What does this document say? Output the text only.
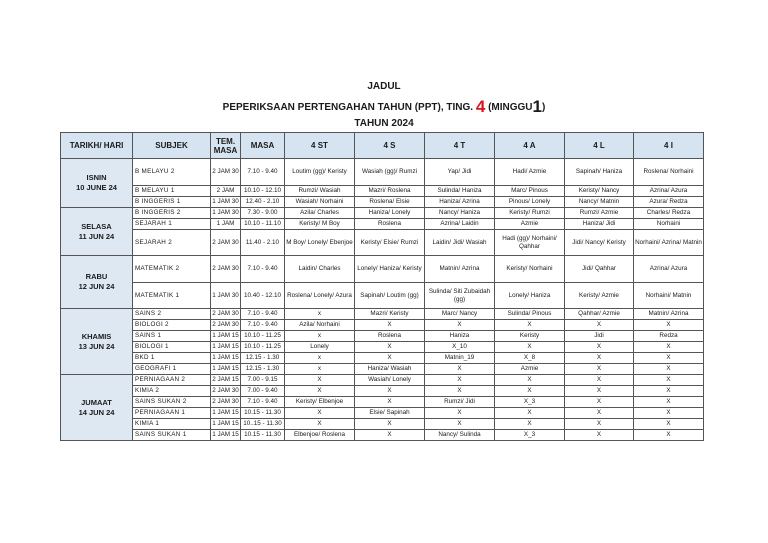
JADUL
PEPERIKSAAN PERTENGAHAN TAHUN (PPT), TING. 4 (MINGGU1)
TAHUN 2024
TARIKH/ HARI	SUBJEK	TEM. MASA	MASA	4 ST	4 S	4 T	4 A	4 L	4 I

ISNIN
10 JUNE 24	B MELAYU 2	2 JAM 30	7.10 - 9.40	Loutim (gg)/ Keristy	Wasiah (gg)/ Rumzi	Yap/ Jidi	Hadi/ Azmie	Sapinah/ Haniza	Roslena/ Norhaini
	B MELAYU 1	2 JAM	10.10 - 12.10	Rumzi/ Wasiah	Mazri/ Roslena	Sulinda/ Haniza	Marc/ Pinous	Keristy/ Nancy	Azrina/ Azura
	B INGGERIS 1	1 JAM 30	12.40 - 2.10	Wasiah/ Norhaini	Roslena/ Elsie	Haniza/ Azrina	Pinous/ Lonely	Nancy/ Matnin	Azura/ Redza

SELASA
11 JUN 24	B INGGERIS 2	1 JAM 30	7.30 - 9.00	Azila/ Charles	Haniza/ Lonely	Nancy/ Haniza	Keristy/ Rumzi	Rumzi/ Azmie	Charles/ Redza
	SEJARAH 1	1 JAM	10.10 - 11.10	Keristy/ M Boy	Roslena	Azrina/ Laidin	Azmie	Haniza/ Jidi	Norhaini
	SEJARAH 2	2 JAM 30	11.40 - 2.10	M Boy/ Lonely/ Ebenjoe	Keristy/ Elsie/ Rumzi	Laidin/ Jidi/ Wasiah	Hadi (gg)/ Norhaini/ Qahhar	Jidi/ Nancy/ Keristy	Norhaini/ Azrina/ Matnin

RABU
12 JUN 24	MATEMATIK 2	2 JAM 30	7.10 - 9.40	Laidin/ Charles	Lonely/ Haniza/ Keristy	Matnin/ Azrina	Keristy/ Norhaini	Jidi/ Qahhar	Azrina/ Azura
	MATEMATIK 1	1 JAM 30	10.40 - 12.10	Roslena/ Lonely/ Azura	Sapinah/ Loutim (gg)	Sulinda/ Siti Zubaidah (gg)	Lonely/ Haniza	Keristy/ Azmie	Norhaini/ Matnin

KHAMIS
13 JUN 24	SAINS 2	2 JAM 30	7.10 - 9.40	x	Mazri/ Keristy	Marc/ Nancy	Sulinda/ Pinous	Qahhar/ Azmie	Matnin/ Azrina
	BIOLOGI 2	2 JAM 30	7.10 - 9.40	Azila/ Norhaini	X	X	X	X	X
	SAINS 1	1 JAM 15	10.10 - 11.25	x	Roslena	Haniza	Keristy	Jidi	Redza
	BIOLOGI 1	1 JAM 15	10.10 - 11.25	Lonely	X	X_10	X	X	X
	BKD 1	1 JAM 15	12.15 - 1.30	x	X	Matnin_19	X_8	X	X
	GEOGRAFI 1	1 JAM 15	12.15 - 1.30	x	Haniza/ Wasiah	X	Azmie	X	X

JUMAAT
14 JUN 24	PERNIAGAAN 2	2 JAM 15	7.00 - 9.15	X	Wasiah/ Lonely	X	X	X	X
	KIMIA 2	2 JAM 30	7.00 - 9.40	X	X	X	X	X	X
	SAINS SUKAN 2	2 JAM 30	7.10 - 9.40	Keristy/ Elbenjoe	X	Rumzi/ Jidi	X_3	X	X
	PERNIAGAAN 1	1 JAM 15	10.15 - 11.30	X	Elsie/ Sapinah	X	X	X	X
	KIMIA 1	1 JAM 15	10..15 - 11.30	X	X	X	X	X	X
	SAINS SUKAN 1	1 JAM 15	10.15 - 11.30	Elbenjoe/ Roslena	X	Nancy/ Sulinda	X_3	X	X
